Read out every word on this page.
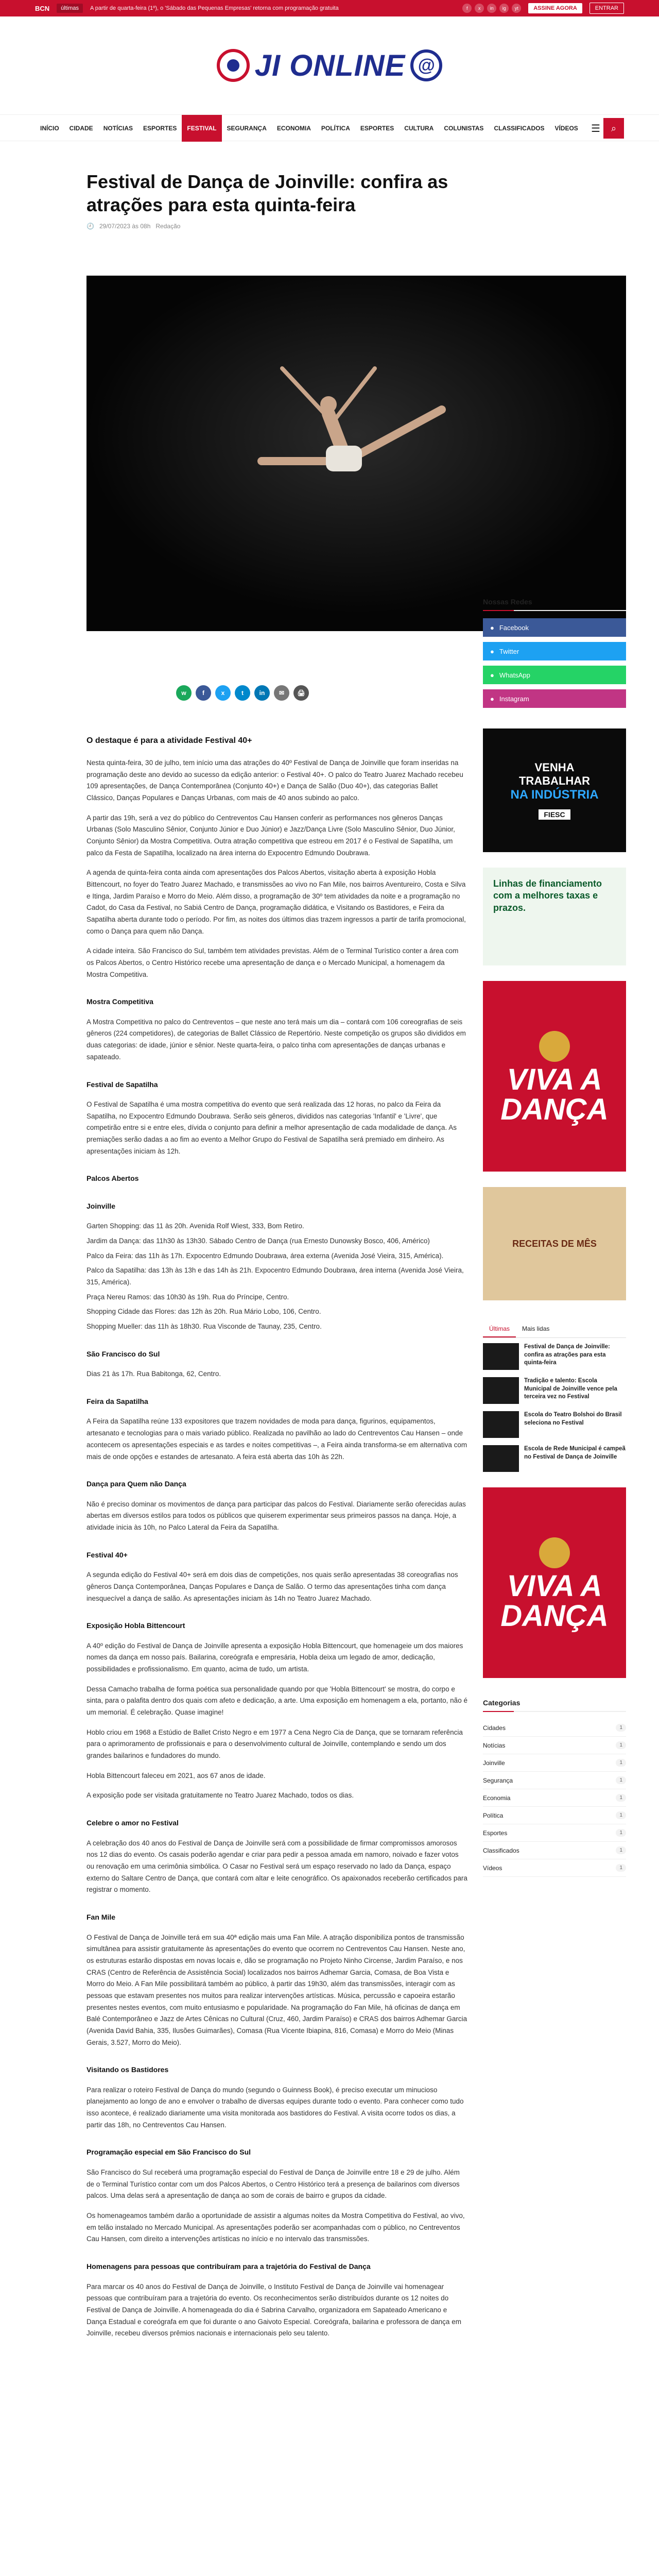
BCN	últimas	A partir de quarta-feira (1º), o 'Sábado das Pequenas Empresas' retorna com programação gratuita	f	x	in	ig	yt	ASSINE AGORA	ENTRAR
JI ONLINE @
INÍCIO	CIDADE	NOTÍCIAS	ESPORTES	FESTIVAL	SEGURANÇA	ECONOMIA	POLÍTICA	ESPORTES	CULTURA	COLUNISTAS	CLASSIFICADOS	VÍDEOS	☰	⌕
Festival de Dança de Joinville: confira as atrações para esta quinta-feira
🕘 29/07/2023 às 08h Redação
w	f	x	t	in	✉	🖨
O destaque é para a atividade Festival 40+

Nesta quinta-feira, 30 de julho, tem início uma das atrações do 40º Festival de Dança de Joinville que foram inseridas na programação deste ano devido ao sucesso da edição anterior: o Festival 40+. O palco do Teatro Juarez Machado recebeu 109 apresentações, de Dança Contemporânea (Conjunto 40+) e Dança de Salão (Duo 40+), das categorias Ballet Clássico, Danças Populares e Danças Urbanas, com mais de 40 anos subindo ao palco.

A partir das 19h, será a vez do público do Centreventos Cau Hansen conferir as performances nos gêneros Danças Urbanas (Solo Masculino Sênior, Conjunto Júnior e Duo Júnior) e Jazz/Dança Livre (Solo Masculino Sênior, Duo Júnior, Conjunto Sênior) da Mostra Competitiva. Outra atração competitiva que estreou em 2017 é o Festival de Sapatilha, um palco da Festa de Sapatilha, localizado na área interna do Expocentro Edmundo Doubrawa.

A agenda de quinta-feira conta ainda com apresentações dos Palcos Abertos, visitação aberta à exposição Hobla Bittencourt, no foyer do Teatro Juarez Machado, e transmissões ao vivo no Fan Mile, nos bairros Aventureiro, Costa e Silva e Itinga, Jardim Paraíso e Morro do Meio. Além disso, a programação de 30º tem atividades da noite e a programação no Cadot, do Casa da Festival, no Sabiá Centro de Dança, programação didática, e Visitando os Bastidores, e Feira da Sapatilha aberta durante todo o período. Por fim, as noites dos últimos dias trazem ingressos a partir de tarifa promocional, como o Dança para quem não Dança.

A cidade inteira. São Francisco do Sul, também tem atividades previstas. Além de o Terminal Turístico conter a área com os Palcos Abertos, o Centro Histórico recebe uma apresentação de dança e o Mercado Municipal, a homenagem da Mostra Competitiva.

Mostra Competitiva

A Mostra Competitiva no palco do Centreventos – que neste ano terá mais um dia – contará com 106 coreografias de seis gêneros (224 competidores), de categorias de Ballet Clássico de Repertório. Neste competição os grupos são divididos em duas categorias: de idade, júnior e sênior. Neste quarta-feira, o palco tinha com apresentações de danças urbanas e sapateado.

Festival de Sapatilha

O Festival de Sapatilha é uma mostra competitiva do evento que será realizada das 12 horas, no palco da Feira da Sapatilha, no Expocentro Edmundo Doubrawa. Serão seis gêneros, divididos nas categorias 'Infantil' e 'Livre', que competirão entre si e entre eles, dívida o conjunto para definir a melhor apresentação de cada modalidade de dança. As premiações serão dadas a ao fim ao evento a Melhor Grupo do Festival de Sapatilha será premiado em dinheiro. As apresentações iniciam às 12h.

Palcos Abertos
Joinville
Garten Shopping: das 11 às 20h. Avenida Rolf Wiest, 333, Bom Retiro.
Jardim da Dança: das 11h30 às 13h30. Sábado Centro de Dança (rua Ernesto Dunowsky Bosco, 406, Américo)
Palco da Feira: das 11h às 17h. Expocentro Edmundo Doubrawa, área externa (Avenida José Vieira, 315, América).
Palco da Sapatilha: das 13h às 13h e das 14h às 21h. Expocentro Edmundo Doubrawa, área interna (Avenida José Vieira, 315, América).
Praça Nereu Ramos: das 10h30 às 19h. Rua do Príncipe, Centro.
Shopping Cidade das Flores: das 12h às 20h. Rua Mário Lobo, 106, Centro.
Shopping Mueller: das 11h às 18h30. Rua Visconde de Taunay, 235, Centro.
São Francisco do Sul

Dias 21 às 17h. Rua Babitonga, 62, Centro.

Feira da Sapatilha

A Feira da Sapatilha reúne 133 expositores que trazem novidades de moda para dança, figurinos, equipamentos, artesanato e tecnologias para o mais variado público. Realizada no pavilhão ao lado do Centreventos Cau Hansen – onde acontecem os apresentações especiais e as tardes e noites competitivas –, a Feira ainda transforma-se em alternativa com mais de onde opções e estandes de artesanato. A feira está aberta das 10h às 22h.

Dança para Quem não Dança

Não é preciso dominar os movimentos de dança para participar das palcos do Festival. Diariamente serão oferecidas aulas abertas em diversos estilos para todos os públicos que quiserem experimentar seus primeiros passos na dança. Hoje, a atividade inicia às 10h, no Palco Lateral da Feira da Sapatilha.

Festival 40+

A segunda edição do Festival 40+ será em dois dias de competições, nos quais serão apresentadas 38 coreografias nos gêneros Dança Contemporânea, Danças Populares e Dança de Salão. O termo das apresentações tinha com dança inesquecível a dança de salão. As apresentações iniciam às 14h no Teatro Juarez Machado.

Exposição Hobla Bittencourt

A 40º edição do Festival de Dança de Joinville apresenta a exposição Hobla Bittencourt, que homenageie um dos maiores nomes da dança em nosso país. Bailarina, coreógrafa e empresária, Hobla deixa um legado de amor, dedicação, possibilidades e profissionalismo. Em quanto, acima de tudo, um artista.

Dessa Camacho trabalha de forma poética sua personalidade quando por que 'Hobla Bittencourt' se mostra, do corpo e sinta, para o palafita dentro dos quais com afeto e dedicação, a arte. Uma exposição em homenagem a ela, portanto, não é um memorial. É celebração. Quase imagine!

Hoblo criou em 1968 a Estúdio de Ballet Cristo Negro e em 1977 a Cena Negro Cia de Dança, que se tornaram referência para o aprimoramento de profissionais e para o desenvolvimento cultural de Joinville, contemplando e sendo um dos grandes bailarinos e fundadores do mundo.

Hobla Bittencourt faleceu em 2021, aos 67 anos de idade.

A exposição pode ser visitada gratuitamente no Teatro Juarez Machado, todos os dias.

Celebre o amor no Festival

A celebração dos 40 anos do Festival de Dança de Joinville será com a possibilidade de firmar compromissos amorosos nos 12 dias do evento. Os casais poderão agendar e criar para pedir a pessoa amada em namoro, noivado e fazer votos ou renovação em uma cerimônia simbólica. O Casar no Festival será um espaço reservado no lado da Dança, espaço externo do Saltare Centro de Dança, que contará com altar e leite cenográfico. Os apaixonados receberão certificados para registrar o momento.

Fan Mile

O Festival de Dança de Joinville terá em sua 40ª edição mais uma Fan Mile. A atração disponibiliza pontos de transmissão simultânea para assistir gratuitamente às apresentações do evento que ocorrem no Centreventos Cau Hansen. Neste ano, os estruturas estarão dispostas em novas locais e, dão se programação no Projeto Ninho Circense, Jardim Paraíso, e nos CRAS (Centro de Referência de Assistência Social) localizados nos bairros Adhemar Garcia, Comasa, de Boa Vista e Morro do Meio. A Fan Mile possibilitará também ao público, à partir das 19h30, além das transmissões, interagir com as pessoas que estavam presentes nos muitos para realizar intervenções artísticas. Música, percussão e capoeira estarão presentes nestes eventos, com muito entusiasmo e popularidade. Na programação do Fan Mile, há oficinas de dança em Balé Contemporâneo e Jazz de Artes Cênicas no Cultural (Cruz, 460, Jardim Paraíso) e CRAS dos bairros Adhemar Garcia (Avenida David Bahia, 335, Ilusões Guimarães), Comasa (Rua Vicente Ibiapina, 816, Comasa) e Morro do Meio (Minas Gerais, 3.527, Morro do Meio).

Visitando os Bastidores

Para realizar o roteiro Festival de Dança do mundo (segundo o Guinness Book), é preciso executar um minucioso planejamento ao longo de ano e envolver o trabalho de diversas equipes durante todo o evento. Para conhecer como tudo isso acontece, é realizado diariamente uma visita monitorada aos bastidores do Festival. A visita ocorre todos os dias, a partir das 18h, no Centreventos Cau Hansen.

Programação especial em São Francisco do Sul

São Francisco do Sul receberá uma programação especial do Festival de Dança de Joinville entre 18 e 29 de julho. Além de o Terminal Turístico contar com um dos Palcos Abertos, o Centro Histórico terá a presença de bailarinos com diversos palcos. Uma delas será a apresentação de dança ao som de corais de bairro e grupos da cidade.

Os homenageamos também darão a oportunidade de assistir a algumas noites da Mostra Competitiva do Festival, ao vivo, em telão instalado no Mercado Municipal. As apresentações poderão ser acompanhadas com o público, no Centreventos Cau Hansen, com direito a intervenções artísticas no início e no intervalo das transmissões.

Homenagens para pessoas que contribuíram para a trajetória do Festival de Dança

Para marcar os 40 anos do Festival de Dança de Joinville, o Instituto Festival de Dança de Joinville vai homenagear pessoas que contribuíram para a trajetória do evento. Os reconhecimentos serão distribuídos durante os 12 noites do Festival de Dança de Joinville. A homenageada do dia é Sabrina Carvalho, organizadora em Sapateado Americano e Dança Estadual e coreógrafa em que foi durante o ano Gaivoto Especial. Coreógrafa, bailarina e professora de dança em Joinville, recebeu diversos prêmios nacionais e internacionais pelo seu talento.

Nossas Redes
● Facebook
● Twitter
● WhatsApp
● Instagram
VENHA
TRABALHAR
NA INDÚSTRIA
FIESC
Linhas de financiamento com a melhores taxas e prazos.
VIVA A
DANÇA
RECEITAS DE MÊS
Últimas	Mais lidas
Festival de Dança de Joinville: confira as atrações para esta quinta-feira
Tradição e talento: Escola Municipal de Joinville vence pela terceira vez no Festival
Escola do Teatro Bolshoi do Brasil seleciona no Festival
Escola de Rede Municipal é campeã no Festival de Dança de Joinville
VIVA A
DANÇA
Categorias
Cidades	1
Notícias	1
Joinville	1
Segurança	1
Economia	1
Política	1
Esportes	1
Classificados	1
Vídeos	1
